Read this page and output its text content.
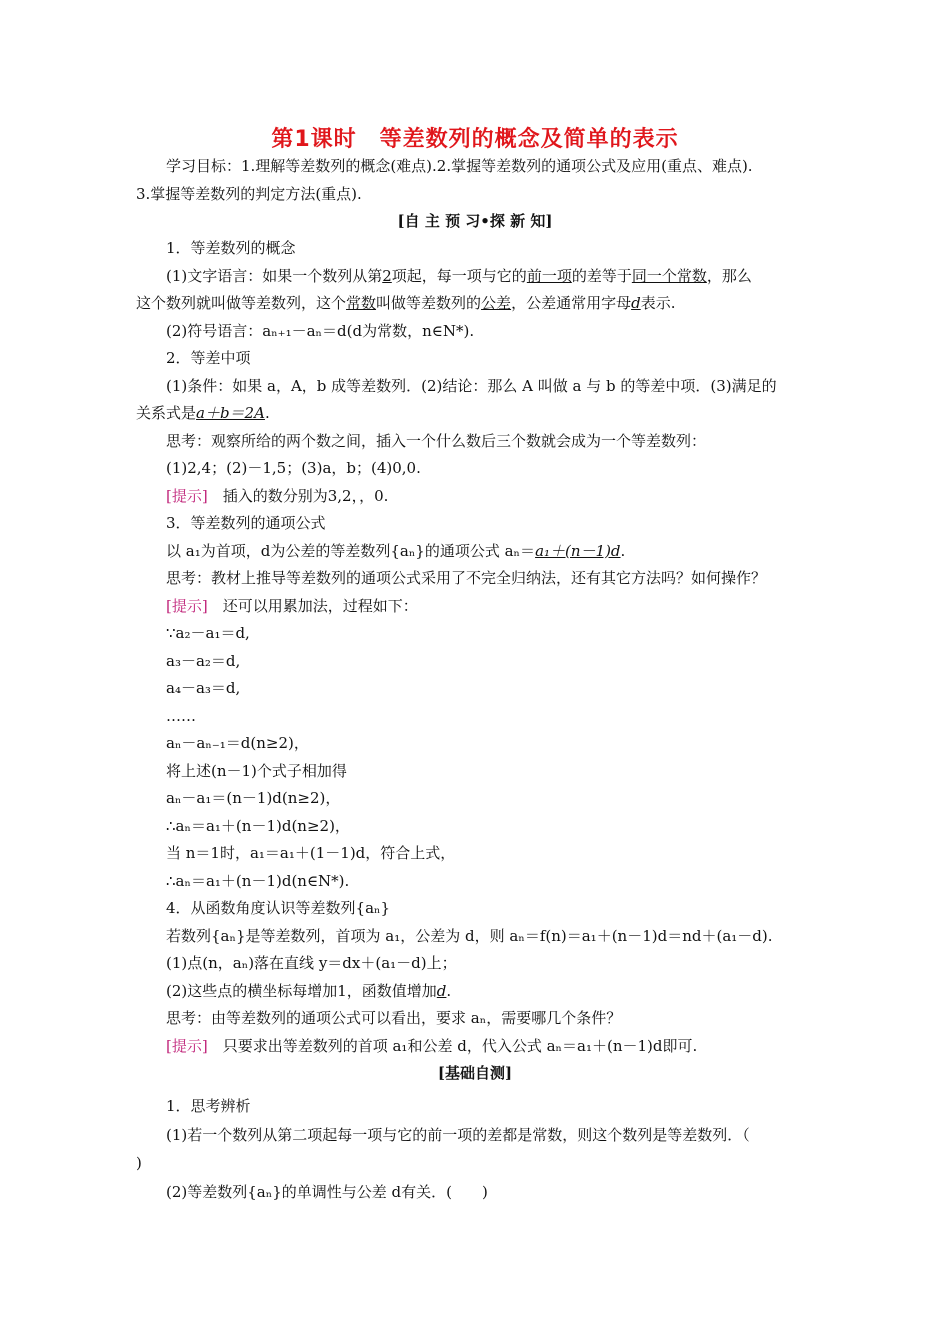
第1课时　等差数列的概念及简单的表示
学习目标：1.理解等差数列的概念(难点).2.掌握等差数列的通项公式及应用(重点、难点).
3.掌握等差数列的判定方法(重点).
[自 主 预 习•探 新 知]
1．等差数列的概念
(1)文字语言：如果一个数列从第2项起，每一项与它的前一项的差等于同一个常数，那么
这个数列就叫做等差数列，这个常数叫做等差数列的公差，公差通常用字母d表示.
(2)符号语言：aₙ₊₁－aₙ＝d(d为常数，n∈N*).
2．等差中项
(1)条件：如果 a，A，b 成等差数列．(2)结论：那么 A 叫做 a 与 b 的等差中项．(3)满足的
关系式是a＋b＝2A.
思考：观察所给的两个数之间，插入一个什么数后三个数就会成为一个等差数列：
(1)2,4；(2)－1,5；(3)a，b；(4)0,0.
[提示]　插入的数分别为3,2，，0.
3．等差数列的通项公式
以 a₁为首项，d为公差的等差数列{aₙ}的通项公式 aₙ＝a₁＋(n－1)d.
思考：教材上推导等差数列的通项公式采用了不完全归纳法，还有其它方法吗？如何操作？
[提示]　还可以用累加法，过程如下：
∵a₂－a₁＝d,
a₃－a₂＝d,
a₄－a₃＝d,
……
aₙ－aₙ₋₁＝d(n≥2)，
将上述(n－1)个式子相加得
aₙ－a₁＝(n－1)d(n≥2)，
∴aₙ＝a₁＋(n－1)d(n≥2)，
当 n＝1时，a₁＝a₁＋(1－1)d，符合上式，
∴aₙ＝a₁＋(n－1)d(n∈N*).
4．从函数角度认识等差数列{aₙ}
若数列{aₙ}是等差数列，首项为 a₁，公差为 d，则 aₙ＝f(n)＝a₁＋(n－1)d＝nd＋(a₁－d).
(1)点(n，aₙ)落在直线 y＝dx＋(a₁－d)上；
(2)这些点的横坐标每增加1，函数值增加d.
思考：由等差数列的通项公式可以看出，要求 aₙ，需要哪几个条件？
[提示]　只要求出等差数列的首项 a₁和公差 d，代入公式 aₙ＝a₁＋(n－1)d即可.
[基础自测]
1．思考辨析
(1)若一个数列从第二项起每一项与它的前一项的差都是常数，则这个数列是等差数列．（
)
(2)等差数列{aₙ}的单调性与公差 d有关．(　　)
